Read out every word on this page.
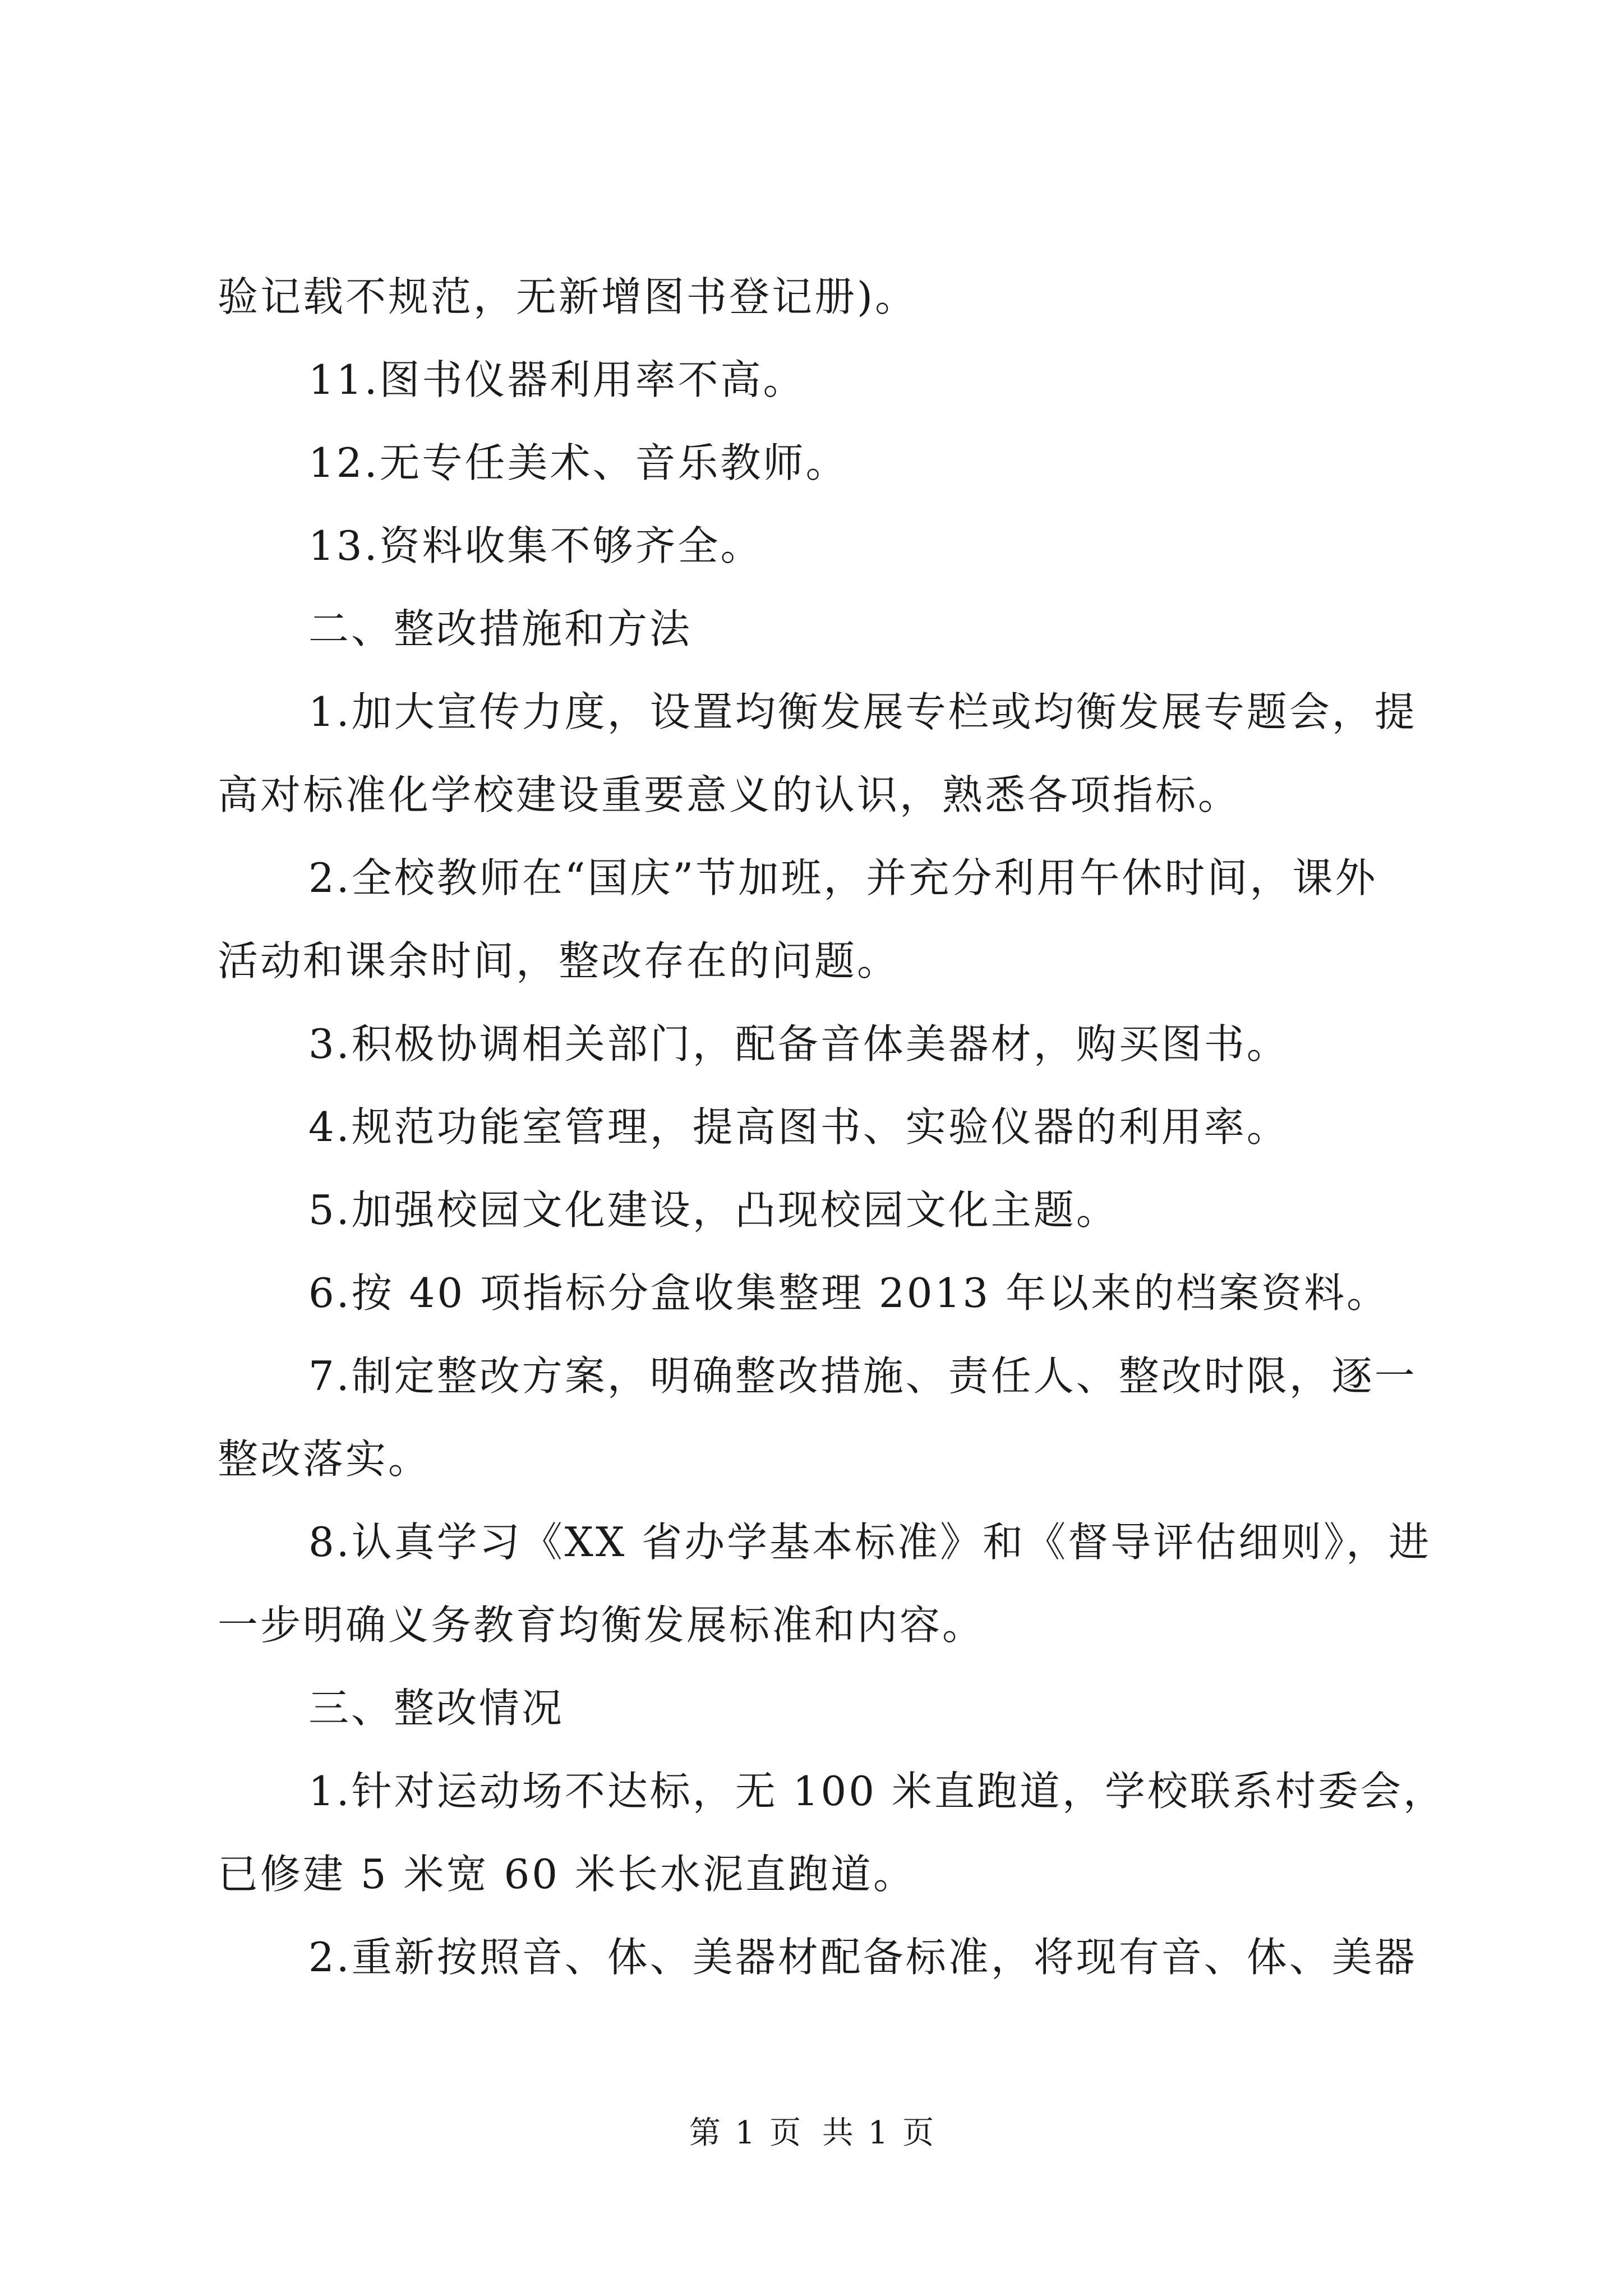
验记载不规范，无新增图书登记册)。
11.图书仪器利用率不高。
12.无专任美术、音乐教师。
13.资料收集不够齐全。
二、整改措施和方法
1.加大宣传力度，设置均衡发展专栏或均衡发展专题会，提
高对标准化学校建设重要意义的认识，熟悉各项指标。
2.全校教师在“国庆”节加班，并充分利用午休时间，课外
活动和课余时间，整改存在的问题。
3.积极协调相关部门，配备音体美器材，购买图书。
4.规范功能室管理，提高图书、实验仪器的利用率。
5.加强校园文化建设，凸现校园文化主题。
6.按 40 项指标分盒收集整理 2013 年以来的档案资料。
7.制定整改方案，明确整改措施、责任人、整改时限，逐一
整改落实。
8.认真学习《XX 省办学基本标准》和《督导评估细则》，进
一步明确义务教育均衡发展标准和内容。
三、整改情况
1.针对运动场不达标，无 100 米直跑道，学校联系村委会，
已修建 5 米宽 60 米长水泥直跑道。
2.重新按照音、体、美器材配备标准，将现有音、体、美器
第 1 页 共 1 页
